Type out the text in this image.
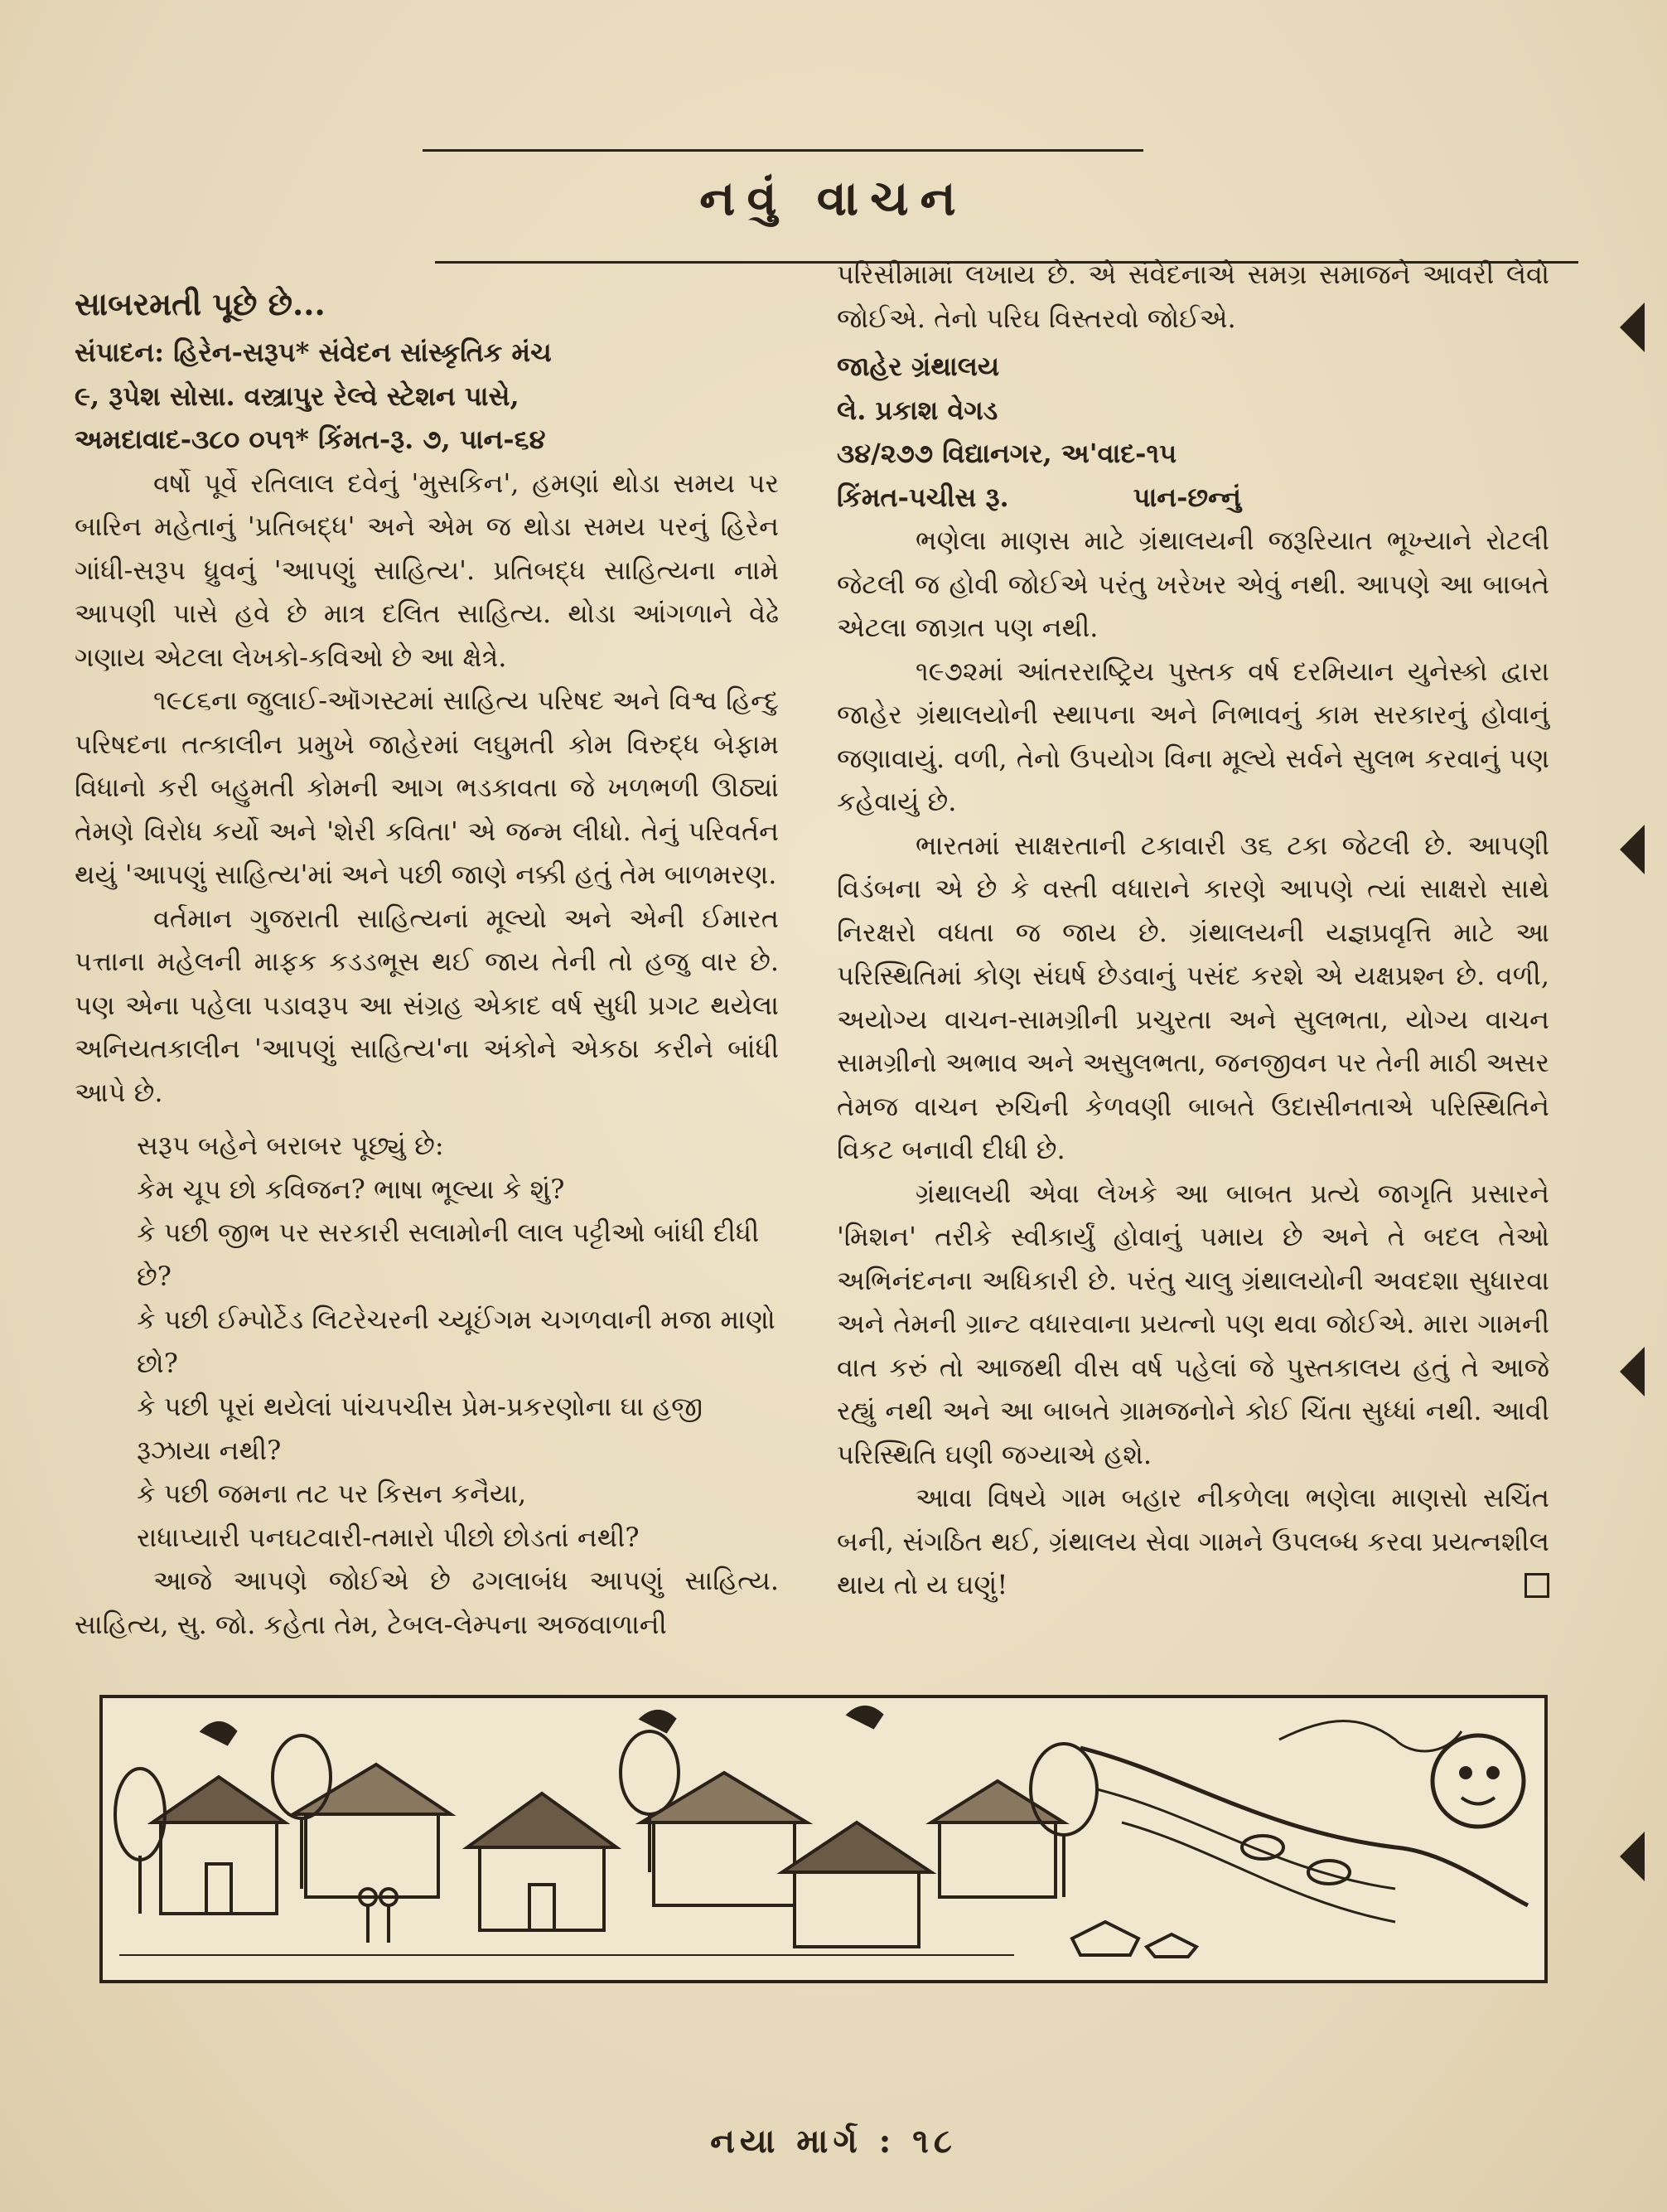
નવું વાચન

સાબરમતી પૂછે છે...

સંપાદન: હિરેન-સરૂપ* સંવેદન સાંસ્કૃતિક મંચ

૯, રૂપેશ સોસા. વસ્ત્રાપુર રેલ્વે સ્ટેશન પાસે,

અમદાવાદ-૩૮૦ ૦૫૧* કિંમત-રૂ. ૭, પાન-૬૪

વર્ષો પૂર્વે રતિલાલ દવેનું 'મુસકિન', હમણાં થોડા સમય પર બારિન મહેતાનું 'પ્રતિબદ્ધ' અને એમ જ થોડા સમય પરનું હિરેન ગાંધી-સરૂપ ધ્રુવનું 'આપણું સાહિત્ય'. પ્રતિબદ્ધ સાહિત્યના નામે આપણી પાસે હવે છે માત્ર દલિત સાહિત્ય. થોડા આંગળાને વેઢે ગણાય એટલા લેખકો-કવિઓ છે આ ક્ષેત્રે.

૧૯૮૬ના જુલાઈ-ઑગસ્ટમાં સાહિત્ય પરિષદ અને વિશ્વ હિન્દુ પરિષદના તત્કાલીન પ્રમુખે જાહેરમાં લઘુમતી કોમ વિરુદ્ધ બેફામ વિધાનો કરી બહુમતી કોમની આગ ભડકાવતા જે ખળભળી ઊઠ્યાં તેમણે વિરોધ કર્યો અને 'શેરી કવિતા' એ જન્મ લીધો. તેનું પરિવર્તન થયું 'આપણું સાહિત્ય'માં અને પછી જાણે નક્કી હતું તેમ બાળમરણ.

વર્તમાન ગુજરાતી સાહિત્યનાં મૂલ્યો અને એની ઈમારત પત્તાના મહેલની માફક કડડભૂસ થઈ જાય તેની તો હજુ વાર છે. પણ એના પહેલા પડાવરૂપ આ સંગ્રહ એકાદ વર્ષ સુધી પ્રગટ થયેલા અનિયતકાલીન 'આપણું સાહિત્ય'ના અંકોને એકઠા કરીને બાંધી આપે છે.

સરૂપ બહેને બરાબર પૂછ્યું છે:

કેમ ચૂપ છો કવિજન? ભાષા ભૂલ્યા કે શું?

કે પછી જીભ પર સરકારી સલામોની લાલ પટ્ટીઓ બાંધી દીધી છે?

કે પછી ઈમ્પોર્ટેડ લિટરેચરની ચ્યૂઈંગમ ચગળવાની મજા માણો છો?

કે પછી પૂરાં થયેલાં પાંચપચીસ પ્રેમ-પ્રકરણોના ઘા હજી રૂઝાયા નથી?

કે પછી જમના તટ પર કિસન કનૈયા,

રાધાપ્યારી પનઘટવારી-તમારો પીછો છોડતાં નથી?

આજે આપણે જોઈએ છે ઢગલાબંધ આપણું સાહિત્ય. સાહિત્ય, સુ. જો. કહેતા તેમ, ટેબલ-લેમ્પના અજવાળાની

પરિસીમામાં લખાય છે. એ સંવેદનાએ સમગ્ર સમાજને આવરી લેવો જોઈએ. તેનો પરિઘ વિસ્તરવો જોઈએ.

જાહેર ગ્રંથાલય

લે. પ્રકાશ વેગડ

૩૪/૨૭૭ વિદ્યાનગર, અ'વાદ-૧૫

કિંમત-પચીસ રૂ.	પાન-છન્નું

ભણેલા માણસ માટે ગ્રંથાલયની જરૂરિયાત ભૂખ્યાને રોટલી જેટલી જ હોવી જોઈએ પરંતુ ખરેખર એવું નથી. આપણે આ બાબતે એટલા જાગ્રત પણ નથી.

૧૯૭૨માં આંતરરાષ્ટ્રિય પુસ્તક વર્ષ દરમિયાન યુનેસ્કો દ્વારા જાહેર ગ્રંથાલયોની સ્થાપના અને નિભાવનું કામ સરકારનું હોવાનું જણાવાયું. વળી, તેનો ઉપયોગ વિના મૂલ્યે સર્વને સુલભ કરવાનું પણ કહેવાયું છે.

ભારતમાં સાક્ષરતાની ટકાવારી ૩૬ ટકા જેટલી છે. આપણી વિડંબના એ છે કે વસ્તી વધારાને કારણે આપણે ત્યાં સાક્ષરો સાથે નિરક્ષરો વધતા જ જાય છે. ગ્રંથાલયની યજ્ઞપ્રવૃત્તિ માટે આ પરિસ્થિતિમાં કોણ સંઘર્ષ છેડવાનું પસંદ કરશે એ યક્ષપ્રશ્ન છે. વળી, અયોગ્ય વાચન-સામગ્રીની પ્રચુરતા અને સુલભતા, યોગ્ય વાચન સામગ્રીનો અભાવ અને અસુલભતા, જનજીવન પર તેની માઠી અસર તેમજ વાચન રુચિની કેળવણી બાબતે ઉદાસીનતાએ પરિસ્થિતિને વિકટ બનાવી દીધી છે.

ગ્રંથાલયી એવા લેખકે આ બાબત પ્રત્યે જાગૃતિ પ્રસારને 'મિશન' તરીકે સ્વીકાર્યું હોવાનું પમાય છે અને તે બદલ તેઓ અભિનંદનના અધિકારી છે. પરંતુ ચાલુ ગ્રંથાલયોની અવદશા સુધારવા અને તેમની ગ્રાન્ટ વધારવાના પ્રયત્નો પણ થવા જોઈએ. મારા ગામની વાત કરું તો આજથી વીસ વર્ષ પહેલાં જે પુસ્તકાલય હતું તે આજે રહ્યું નથી અને આ બાબતે ગ્રામજનોને કોઈ ચિંતા સુધ્ધાં નથી. આવી પરિસ્થિતિ ઘણી જગ્યાએ હશે.

આવા વિષયે ગામ બહાર નીકળેલા ભણેલા માણસો સચિંત બની, સંગઠિત થઈ, ગ્રંથાલય સેવા ગામને ઉપલબ્ધ કરવા પ્રયત્નશીલ થાય તો ય ઘણું!

નયા માર્ગ : ૧૮
